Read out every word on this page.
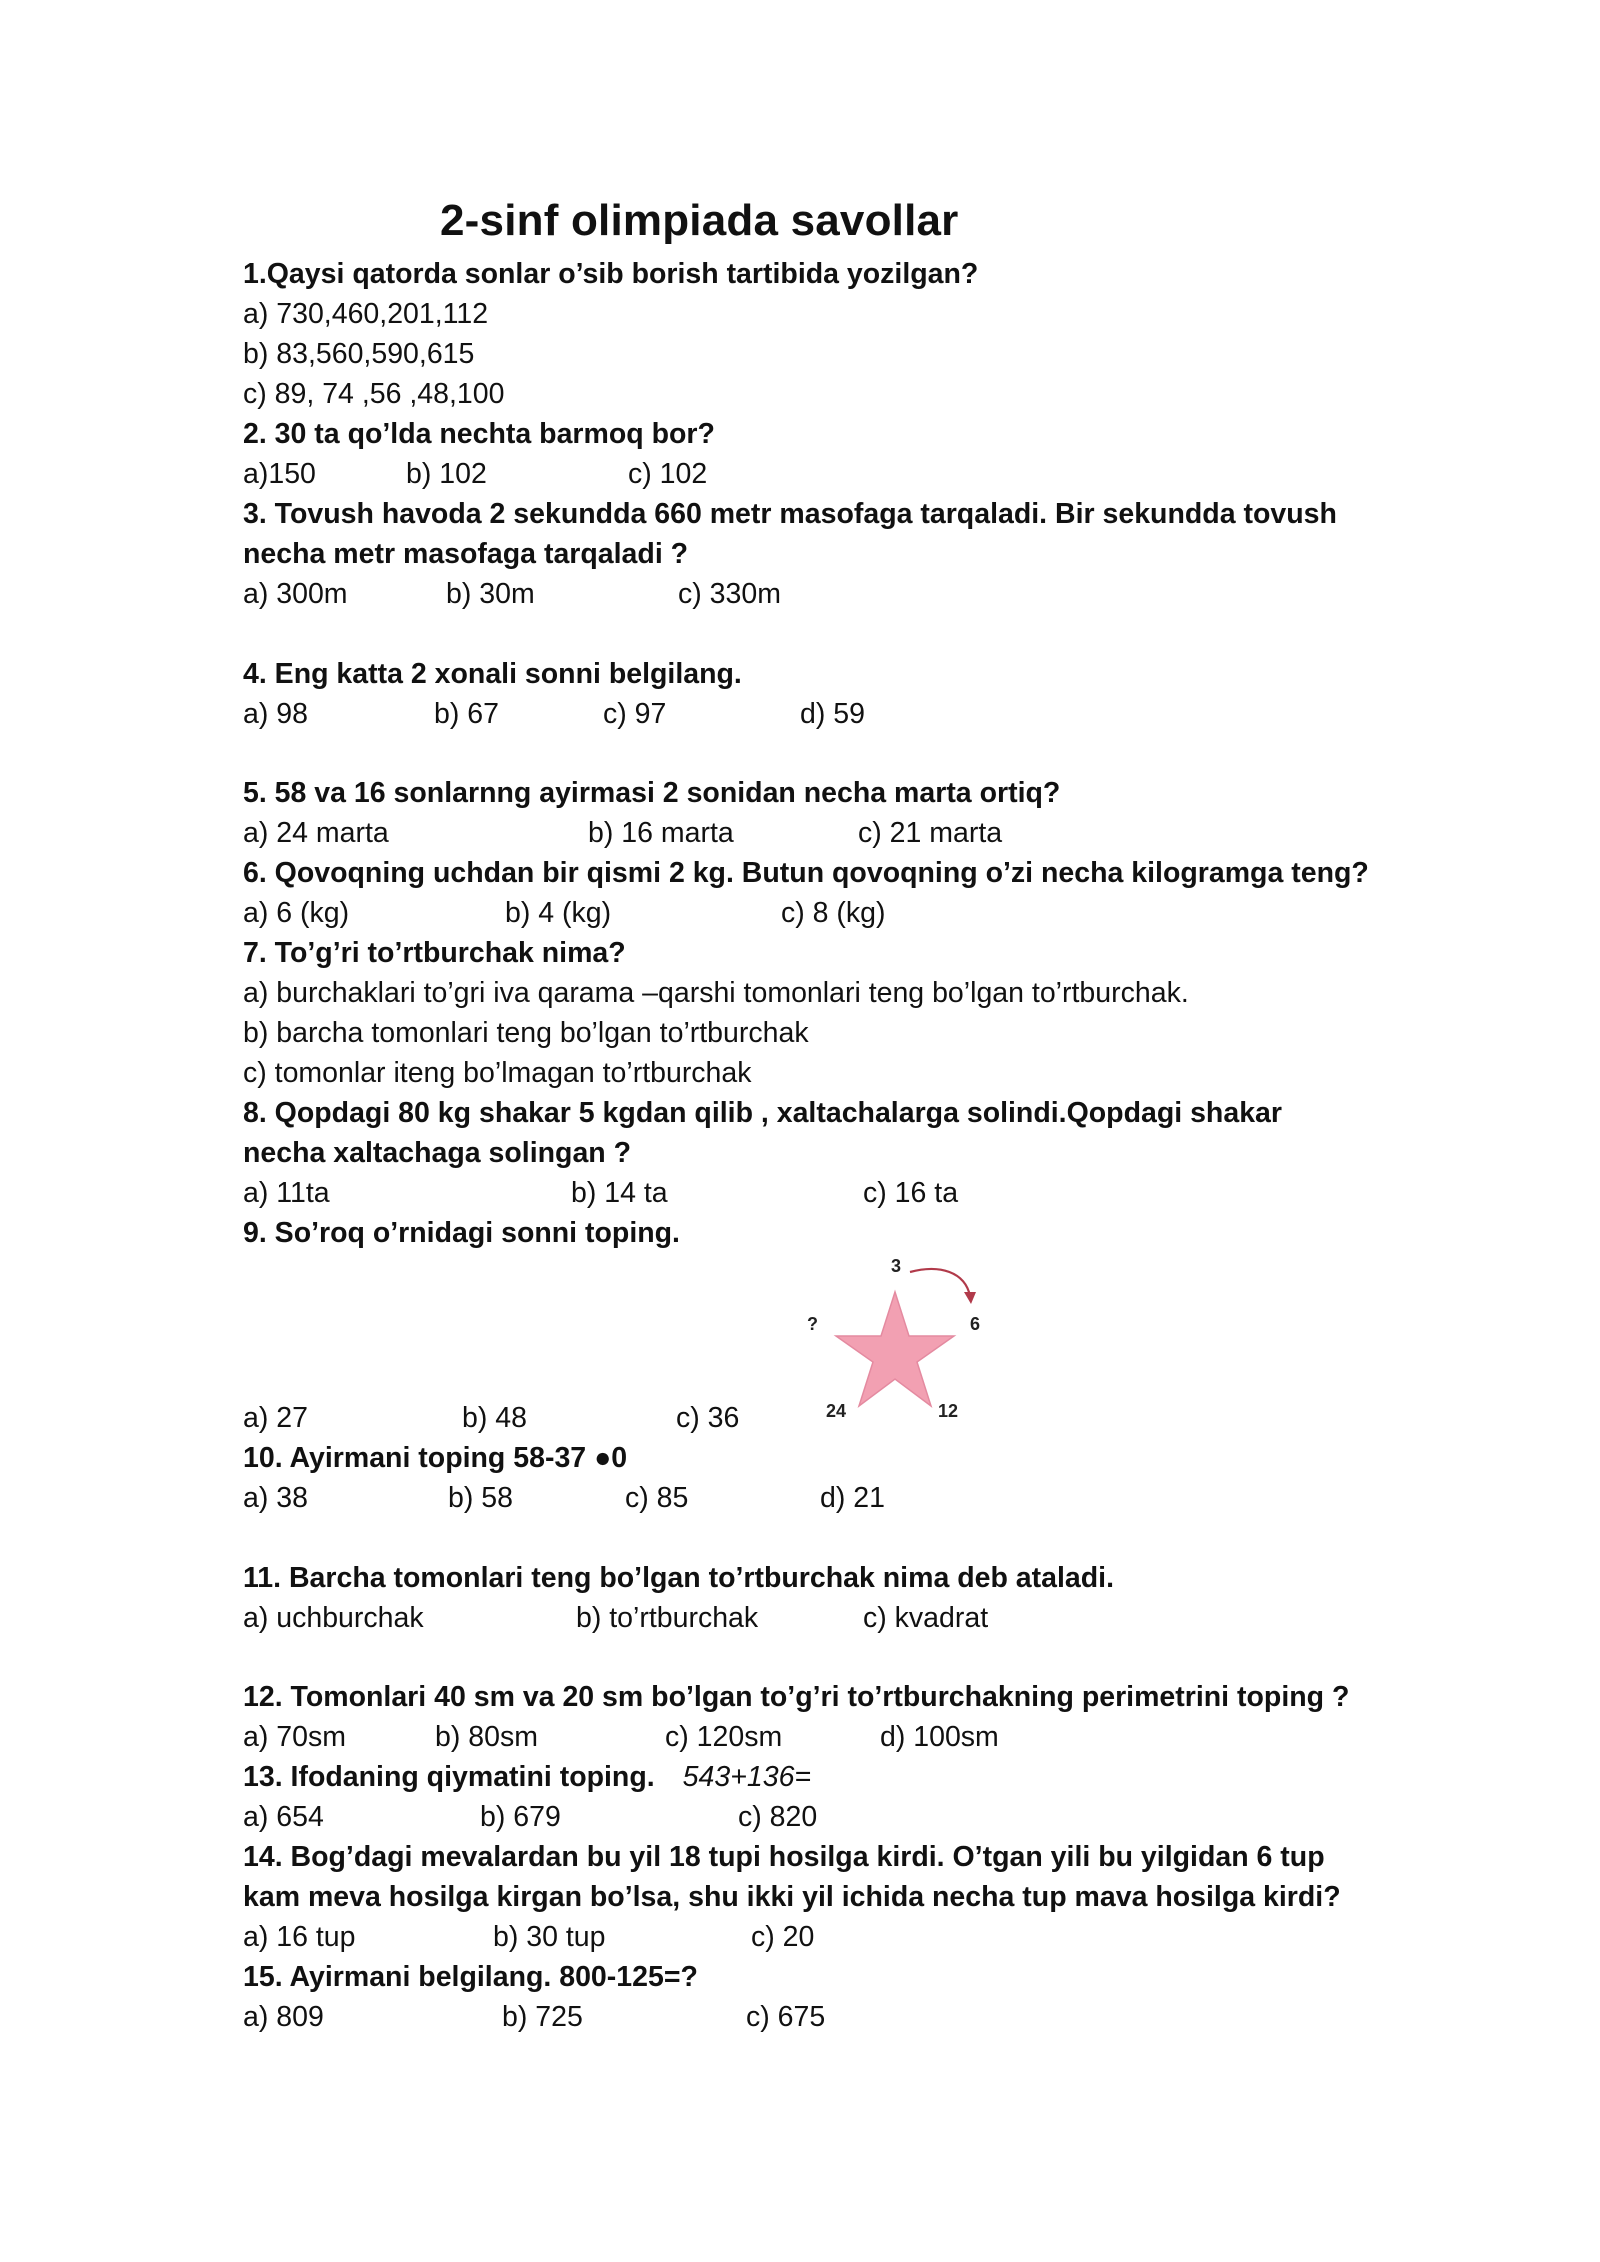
2-sinf olimpiada savollar
1.Qaysi qatorda sonlar o’sib borish tartibida yozilgan?
a) 730,460,201,112
b) 83,560,590,615
c) 89, 74 ,56 ,48,100
2. 30 ta qo’lda nechta barmoq bor?
a)150	b) 102	c) 102
3. Tovush havoda 2 sekundda 660 metr masofaga tarqaladi. Bir sekundda tovush
necha metr masofaga tarqaladi ?
a) 300m	b) 30m	c) 330m
4. Eng katta 2 xonali sonni belgilang.
a) 98	b) 67	c) 97	d) 59
5. 58 va 16 sonlarnng ayirmasi 2 sonidan necha marta ortiq?
a) 24 marta	b) 16 marta	c) 21 marta
6. Qovoqning uchdan bir qismi 2 kg. Butun qovoqning o’zi necha kilogramga teng?
a) 6 (kg)	b) 4 (kg)	c) 8 (kg)
7. To’g’ri to’rtburchak nima?
a) burchaklari to’gri iva qarama –qarshi tomonlari teng bo’lgan to’rtburchak.
b) barcha tomonlari teng bo’lgan to’rtburchak
c) tomonlar iteng bo’lmagan to’rtburchak
8. Qopdagi 80 kg shakar 5 kgdan qilib , xaltachalarga solindi.Qopdagi shakar
necha xaltachaga solingan ?
a) 11ta	b) 14 ta	c) 16 ta
9. So’roq o’rnidagi sonni toping.
3
6
?
24	12
a) 27	b) 48	c) 36
10. Ayirmani toping 58-37 ●0
a) 38	b) 58	c) 85	d) 21
11. Barcha tomonlari teng bo’lgan to’rtburchak nima deb ataladi.
a) uchburchak	b) to’rtburchak	c) kvadrat
12. Tomonlari 40 sm va 20 sm bo’lgan to’g’ri to’rtburchakning perimetrini toping ?
a) 70sm	b) 80sm	c) 120sm	d) 100sm
13. Ifodaning qiymatini toping. 543+136=
a) 654	b) 679	c) 820
14. Bog’dagi mevalardan bu yil 18 tupi hosilga kirdi. O’tgan yili bu yilgidan 6 tup
kam meva hosilga kirgan bo’lsa, shu ikki yil ichida necha tup mava hosilga kirdi?
a) 16 tup	b) 30 tup	c) 20
15. Ayirmani belgilang. 800-125=?
a) 809	b) 725	c) 675
